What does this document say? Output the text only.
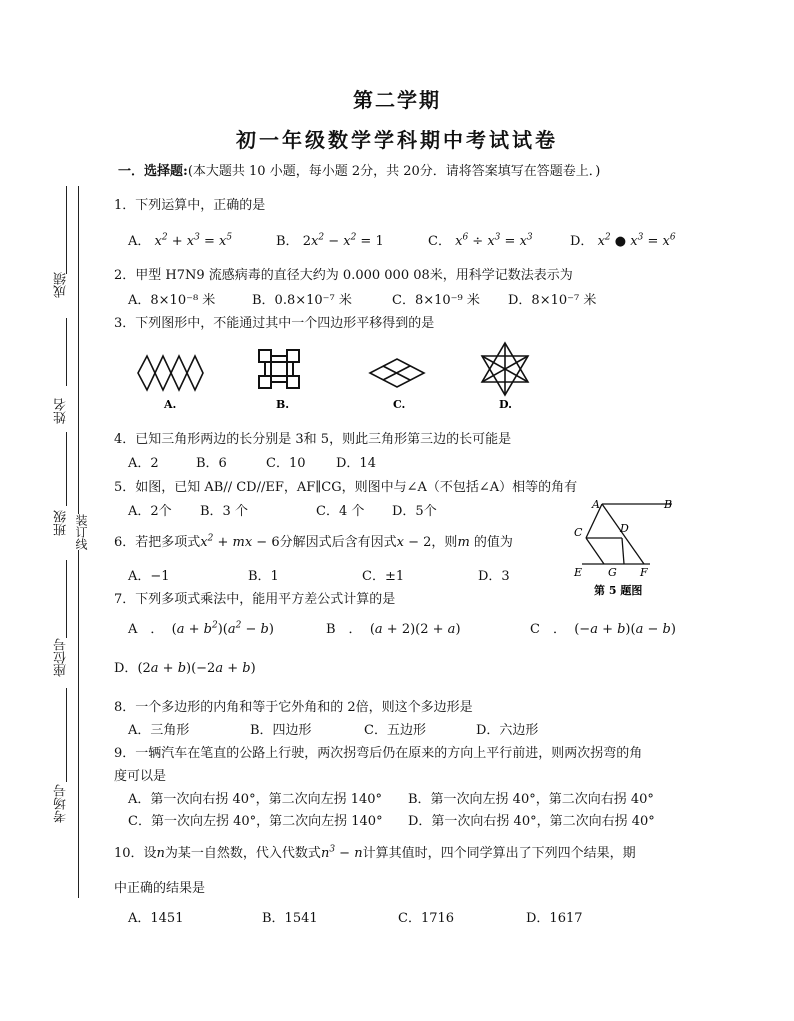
成绩
姓名
班级
座位号
考场号
装订线
第二学期
初一年级数学学科期中考试试卷
一．选择题:(本大题共 10 小题，每小题 2分，共 20分．请将答案填写在答题卷上．)
1．下列运算中，正确的是
A． $x^2 + x^3 = x^5$	B． $2x^2 - x^2 = 1$	C． $x^6 \div x^3 = x^3$	D． $x^2$ ● $x^3 = x^6$
2．甲型 H7N9 流感病毒的直径大约为 0.000 000 08米，用科学记数法表示为
A．8×10⁻⁸ 米	B．0.8×10⁻⁷ 米	C．8×10⁻⁹ 米 D．8×10⁻⁷ 米
3．下列图形中，不能通过其中一个四边形平移得到的是
A.	B.	C.	D.
4．已知三角形两边的长分别是 3和 5，则此三角形第三边的长可能是
A．2	B．6	C．10 D．14
5．如图，已知 AB// CD//EF，AF∥CG，则图中与∠A（不包括∠A）相等的角有
A．2个 B．3 个	C．4 个 D．5个	A	B
C	D
E G F
第 5 题图
6．若把多项式$x^2$ + mx − 6分解因式后含有因式x − 2，则m 的值为
A．−1	B．1	C．±1	D．3
7．下列多项式乘法中，能用平方差公式计算的是
A　． $(a + b^2)(a^2 - b)$	B　． (a + 2)(2 + a)	C　． (−a + b)(a − b)
D．(2a + b)(−2a + b)
8．一个多边形的内角和等于它外角和的 2倍，则这个多边形是
A．三角形	B．四边形	C．五边形	D．六边形
9．一辆汽车在笔直的公路上行驶，两次拐弯后仍在原来的方向上平行前进，则两次拐弯的角
度可以是
A．第一次向右拐 40°，第二次向左拐 140° B．第一次向左拐 40°，第二次向右拐 40°
C．第一次向左拐 40°，第二次向左拐 140° D．第一次向右拐 40°，第二次向右拐 40°
10．设n为某一自然数，代入代数式$n^3 - n$计算其值时，四个同学算出了下列四个结果，期
中正确的结果是
A．1451	B．1541	C．1716	D．1617
